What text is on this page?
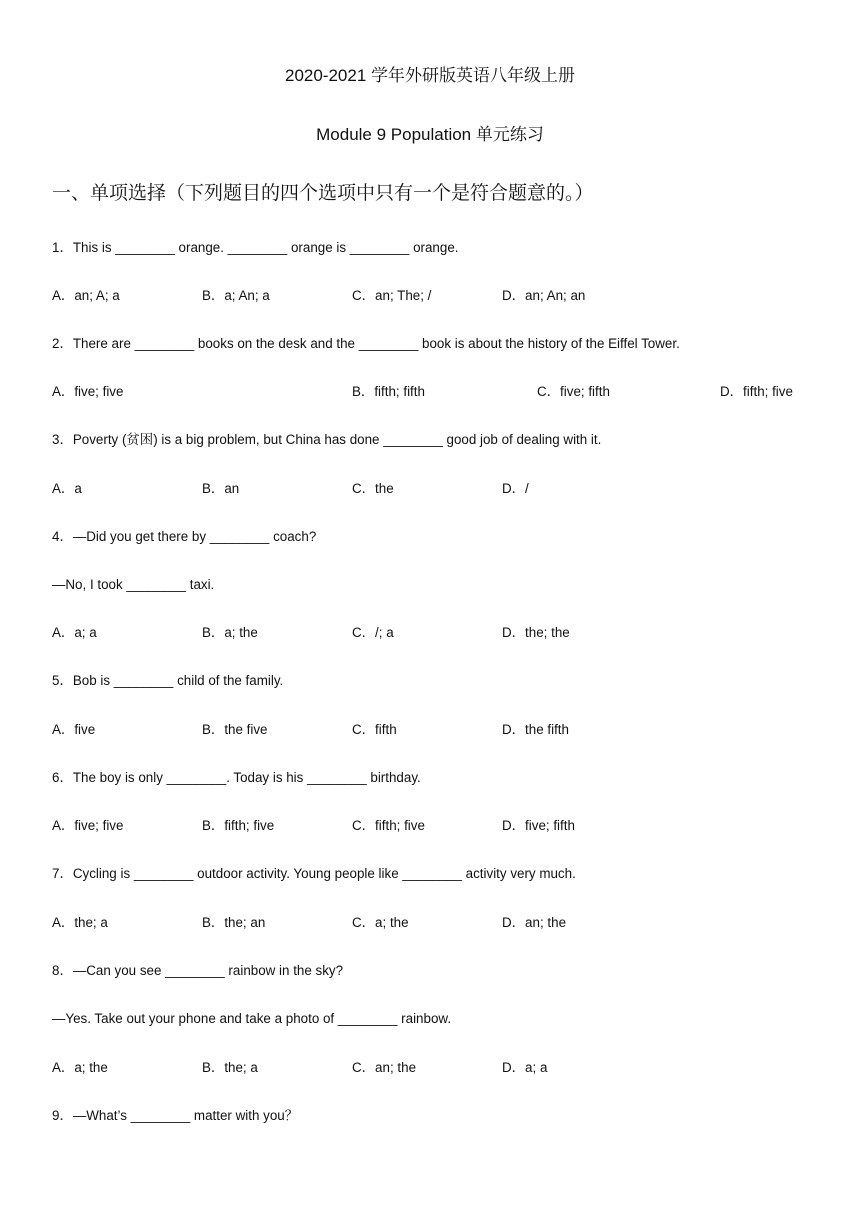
2020-2021 学年外研版英语八年级上册
Module 9 Population 单元练习
一、单项选择（下列题目的四个选项中只有一个是符合题意的。）
1．This is ________ orange. ________ orange is ________ orange.
A．an; A; a	B．a; An; a	C．an; The; /	D．an; An; an
2．There are ________ books on the desk and the ________ book is about the history of the Eiffel Tower.
A．five; five	B．fifth; fifth	C．five; fifth	D．fifth; five
3．Poverty (贫困) is a big problem, but China has done ________ good job of dealing with it.
A．a	B．an	C．the	D．/
4．—Did you get there by ________ coach?
—No, I took ________ taxi.
A．a; a	B．a; the	C．/; a	D．the; the
5．Bob is ________ child of the family.
A．five	B．the five	C．fifth	D．the fifth
6．The boy is only ________. Today is his ________ birthday.
A．five; five	B．fifth; five	C．fifth; five	D．five; fifth
7．Cycling is ________ outdoor activity. Young people like ________ activity very much.
A．the; a	B．the; an	C．a; the	D．an; the
8．—Can you see ________ rainbow in the sky?
—Yes. Take out your phone and take a photo of ________ rainbow.
A．a; the	B．the; a	C．an; the	D．a; a
9．—What’s ________ matter with you？
